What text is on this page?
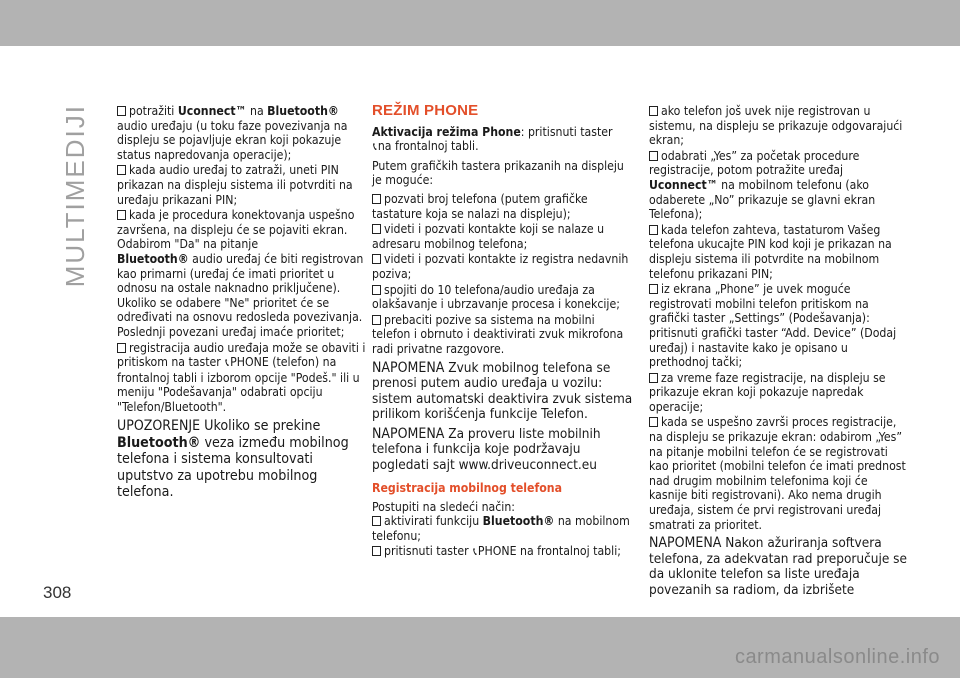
MULTIMEDIJI
308
carmanualsonline.info
potražiti Uconnect™ na Bluetooth® audio uređaju (u toku faze povezivanja na displeju se pojavljuje ekran koji pokazuje status napredovanja operacije);
kada audio uređaj to zatraži, uneti PIN prikazan na displeju sistema ili potvrditi na uređaju prikazani PIN;
kada je procedura konektovanja uspešno završena, na displeju će se pojaviti ekran. Odabirom "Da" na pitanje
Bluetooth® audio uređaj će biti registrovan kao primarni (uređaj će imati prioritet u odnosu na ostale naknadno priključene). Ukoliko se odabere "Ne" prioritet će se određivati na osnovu redosleda povezivanja. Poslednji povezani uređaj imaće prioritet;
registracija audio uređaja može se obaviti i pritiskom na taster 📞︎PHONE (telefon) na frontalnoj tabli i izborom opcije "Podeš." ili u meniju "Podešavanja" odabrati opciju "Telefon/Bluetooth".
UPOZORENJE Ukoliko se prekine
Bluetooth® veza između mobilnog telefona i sistema konsultovati uputstvo za upotrebu mobilnog telefona.
REŽIM PHONE
Aktivacija režima Phone: pritisnuti taster
📞︎na frontalnoj tabli.
Putem grafičkih tastera prikazanih na displeju je moguće:
pozvati broj telefona (putem grafičke tastature koja se nalazi na displeju);
videti i pozvati kontakte koji se nalaze u adresaru mobilnog telefona;
videti i pozvati kontakte iz registra nedavnih poziva;
spojiti do 10 telefona/audio uređaja za olakšavanje i ubrzavanje procesa i konekcije;
prebaciti pozive sa sistema na mobilni telefon i obrnuto i deaktivirati zvuk mikrofona radi privatne razgovore.
NAPOMENA Zvuk mobilnog telefona se prenosi putem audio uređaja u vozilu: sistem automatski deaktivira zvuk sistema prilikom korišćenja funkcije Telefon.
NAPOMENA Za proveru liste mobilnih telefona i funkcija koje podržavaju pogledati sajt www.driveuconnect.eu
Registracija mobilnog telefona
Postupiti na sledeći način:
aktivirati funkciju Bluetooth® na mobilnom telefonu;
pritisnuti taster 📞︎PHONE na frontalnoj tabli;
ako telefon još uvek nije registrovan u sistemu, na displeju se prikazuje odgovarajući ekran;
odabrati „Yes” za početak procedure registracije, potom potražite uređaj Uconnect™ na mobilnom telefonu (ako odaberete „No” prikazuje se glavni ekran Telefona);
kada telefon zahteva, tastaturom Vašeg telefona ukucajte PIN kod koji je prikazan na displeju sistema ili potvrdite na mobilnom telefonu prikazani PIN;
iz ekrana „Phone” je uvek moguće registrovati mobilni telefon pritiskom na grafički taster „Settings” (Podešavanja): pritisnuti grafički taster “Add. Device” (Dodaj uređaj) i nastavite kako je opisano u prethodnoj tački;
za vreme faze registracije, na displeju se prikazuje ekran koji pokazuje napredak operacije;
kada se uspešno završi proces registracije, na displeju se prikazuje ekran: odabirom „Yes” na pitanje mobilni telefon će se registrovati kao prioritet (mobilni telefon će imati prednost nad drugim mobilnim telefonima koji će kasnije biti registrovani). Ako nema drugih uređaja, sistem će prvi registrovani uređaj smatrati za prioritet.
NAPOMENA Nakon ažuriranja softvera telefona, za adekvatan rad preporučuje se da uklonite telefon sa liste uređaja povezanih sa radiom, da izbrišete
